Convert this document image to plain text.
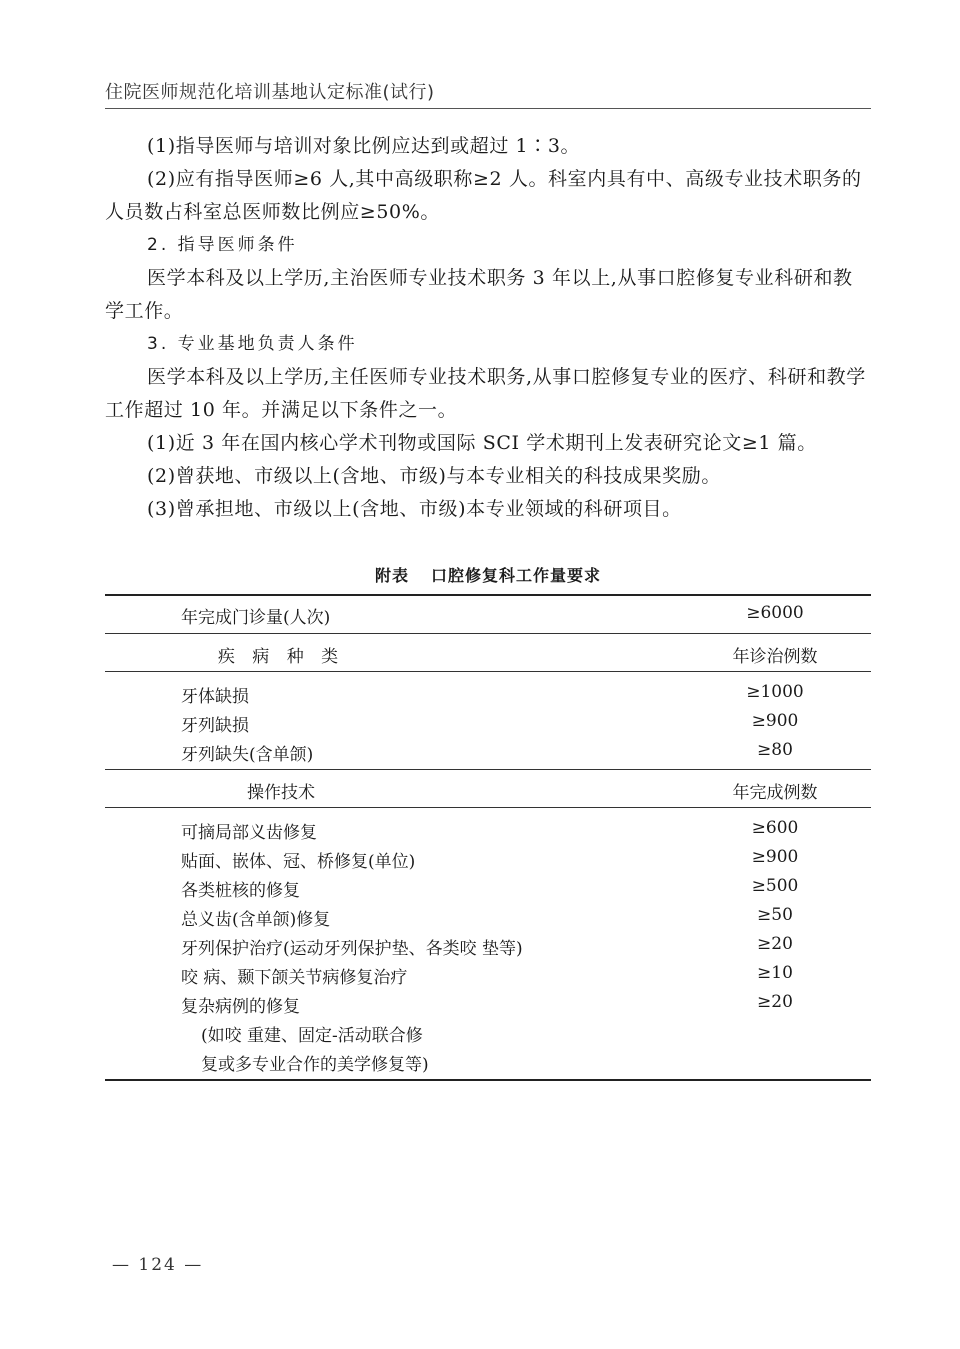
住院医师规范化培训基地认定标准(试行)

(1)指导医师与培训对象比例应达到或超过 1∶3。

(2)应有指导医师≥6 人,其中高级职称≥2 人。科室内具有中、高级专业技术职务的人员数占科室总医师数比例应≥50%。

2. 指导医师条件

医学本科及以上学历,主治医师专业技术职务 3 年以上,从事口腔修复专业科研和教学工作。

3. 专业基地负责人条件

医学本科及以上学历,主任医师专业技术职务,从事口腔修复专业的医疗、科研和教学工作超过 10 年。并满足以下条件之一。

(1)近 3 年在国内核心学术刊物或国际 SCI 学术期刊上发表研究论文≥1 篇。

(2)曾获地、市级以上(含地、市级)与本专业相关的科技成果奖励。

(3)曾承担地、市级以上(含地、市级)本专业领域的科研项目。

附表 口腔修复科工作量要求
年完成门诊量(人次)	≥6000
疾 病 种 类	年诊治例数
牙体缺损	≥1000
牙列缺损	≥900
牙列缺失(含单颌)	≥80
操作技术	年完成例数
可摘局部义齿修复	≥600
贴面、嵌体、冠、桥修复(单位)	≥900
各类桩核的修复	≥500
总义齿(含单颌)修复	≥50
牙列保护治疗(运动牙列保护垫、各类咬 垫等)	≥20
咬 病、颞下颌关节病修复治疗	≥10
复杂病例的修复	≥20
(如咬 重建、固定-活动联合修
复或多专业合作的美学修复等)
— 124 —
